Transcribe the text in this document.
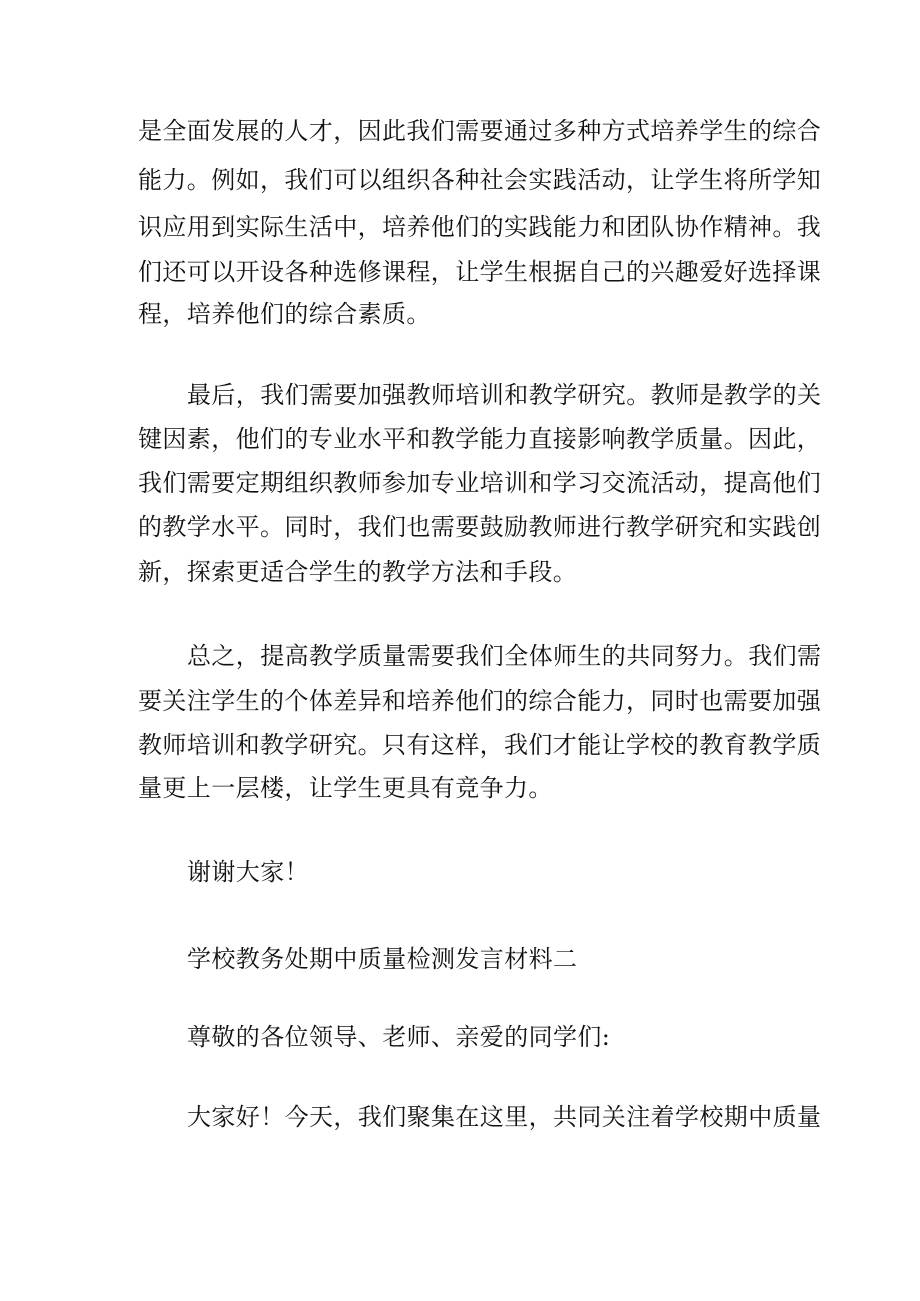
是全面发展的人才，因此我们需要通过多种方式培养学生的综合
能力。例如，我们可以组织各种社会实践活动，让学生将所学知
识应用到实际生活中，培养他们的实践能力和团队协作精神。我
们还可以开设各种选修课程，让学生根据自己的兴趣爱好选择课
程，培养他们的综合素质。
最后，我们需要加强教师培训和教学研究。教师是教学的关
键因素，他们的专业水平和教学能力直接影响教学质量。因此，
我们需要定期组织教师参加专业培训和学习交流活动，提高他们
的教学水平。同时，我们也需要鼓励教师进行教学研究和实践创
新，探索更适合学生的教学方法和手段。
总之，提高教学质量需要我们全体师生的共同努力。我们需
要关注学生的个体差异和培养他们的综合能力，同时也需要加强
教师培训和教学研究。只有这样，我们才能让学校的教育教学质
量更上一层楼，让学生更具有竞争力。
谢谢大家！
学校教务处期中质量检测发言材料二
尊敬的各位领导、老师、亲爱的同学们:
大家好！今天，我们聚集在这里，共同关注着学校期中质量
